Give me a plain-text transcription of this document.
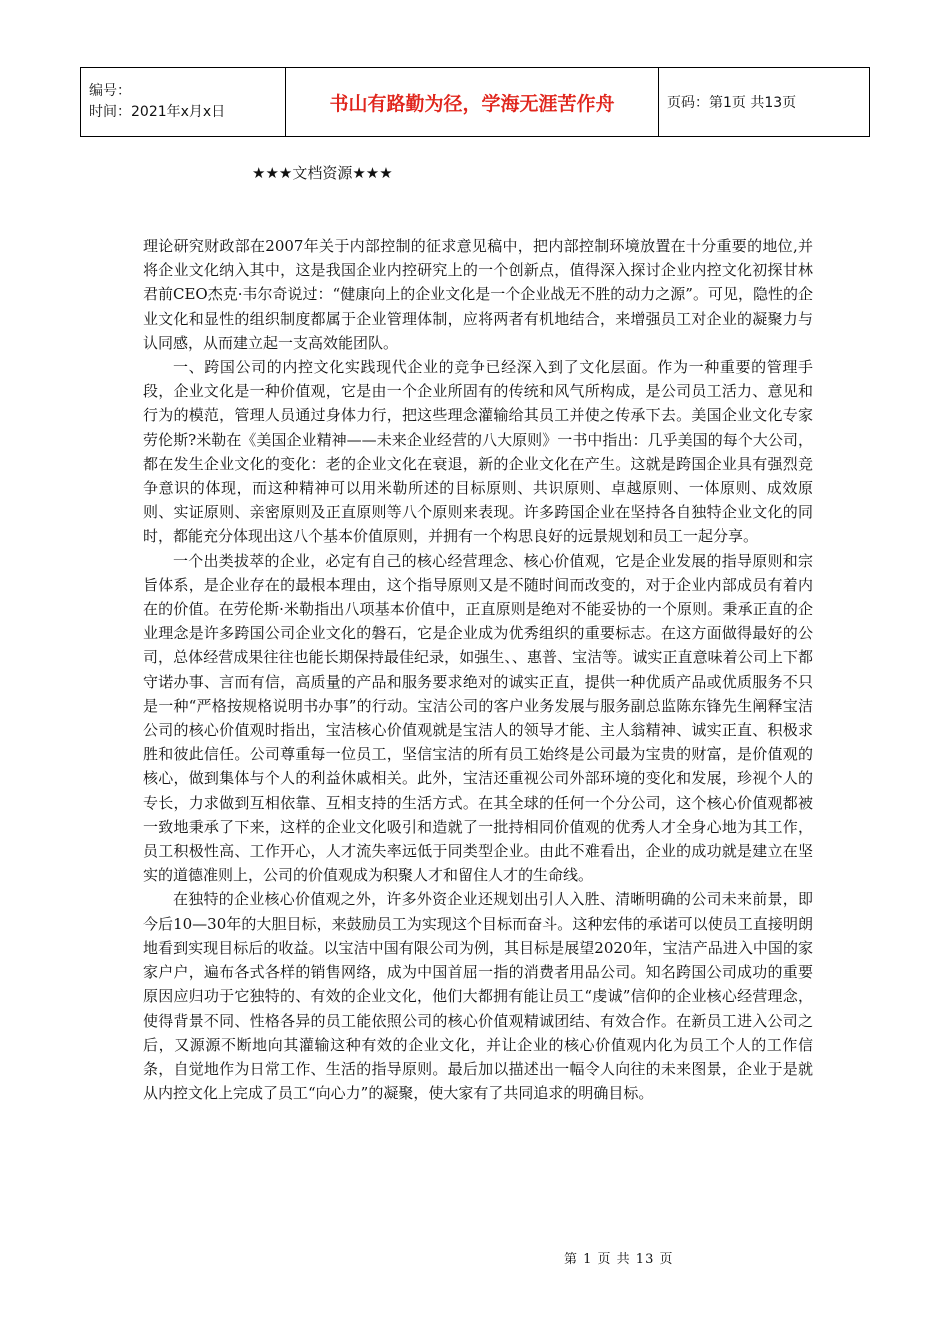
编号：
时间：2021年x月x日	书山有路勤为径，学海无涯苦作舟	页码：第1页 共13页
★★★文档资源★★★

理论研究财政部在2007年关于内部控制的征求意见稿中，把内部控制环境放置在十分重要的地位,并将企业文化纳入其中，这是我国企业内控研究上的一个创新点，值得深入探讨企业内控文化初探甘林君前CEO杰克·韦尔奇说过：“健康向上的企业文化是一个企业战无不胜的动力之源”。可见，隐性的企业文化和显性的组织制度都属于企业管理体制，应将两者有机地结合，来增强员工对企业的凝聚力与认同感，从而建立起一支高效能团队。

一、跨国公司的内控文化实践现代企业的竞争已经深入到了文化层面。作为一种重要的管理手段，企业文化是一种价值观，它是由一个企业所固有的传统和风气所构成，是公司员工活力、意见和行为的模范，管理人员通过身体力行，把这些理念灌输给其员工并使之传承下去。美国企业文化专家劳伦斯?米勒在《美国企业精神——未来企业经营的八大原则》一书中指出：几乎美国的每个大公司，都在发生企业文化的变化：老的企业文化在衰退，新的企业文化在产生。这就是跨国企业具有强烈竞争意识的体现，而这种精神可以用米勒所述的目标原则、共识原则、卓越原则、一体原则、成效原则、实证原则、亲密原则及正直原则等八个原则来表现。许多跨国企业在坚持各自独特企业文化的同时，都能充分体现出这八个基本价值原则，并拥有一个构思良好的远景规划和员工一起分享。

一个出类拔萃的企业，必定有自己的核心经营理念、核心价值观，它是企业发展的指导原则和宗旨体系，是企业存在的最根本理由，这个指导原则又是不随时间而改变的，对于企业内部成员有着内在的价值。在劳伦斯·米勒指出八项基本价值中，正直原则是绝对不能妥协的一个原则。秉承正直的企业理念是许多跨国公司企业文化的磐石，它是企业成为优秀组织的重要标志。在这方面做得最好的公司，总体经营成果往往也能长期保持最佳纪录，如强生、、惠普、宝洁等。诚实正直意味着公司上下都守诺办事、言而有信，高质量的产品和服务要求绝对的诚实正直，提供一种优质产品或优质服务不只是一种“严格按规格说明书办事”的行动。宝洁公司的客户业务发展与服务副总监陈东锋先生阐释宝洁公司的核心价值观时指出，宝洁核心价值观就是宝洁人的领导才能、主人翁精神、诚实正直、积极求胜和彼此信任。公司尊重每一位员工，坚信宝洁的所有员工始终是公司最为宝贵的财富，是价值观的核心，做到集体与个人的利益休戚相关。此外，宝洁还重视公司外部环境的变化和发展，珍视个人的专长，力求做到互相依靠、互相支持的生活方式。在其全球的任何一个分公司，这个核心价值观都被一致地秉承了下来，这样的企业文化吸引和造就了一批持相同价值观的优秀人才全身心地为其工作，员工积极性高、工作开心，人才流失率远低于同类型企业。由此不难看出，企业的成功就是建立在坚实的道德准则上，公司的价值观成为积聚人才和留住人才的生命线。

在独特的企业核心价值观之外，许多外资企业还规划出引人入胜、清晰明确的公司未来前景，即今后10—30年的大胆目标，来鼓励员工为实现这个目标而奋斗。这种宏伟的承诺可以使员工直接明朗地看到实现目标后的收益。以宝洁中国有限公司为例，其目标是展望2020年，宝洁产品进入中国的家家户户，遍布各式各样的销售网络，成为中国首屈一指的消费者用品公司。知名跨国公司成功的重要原因应归功于它独特的、有效的企业文化，他们大都拥有能让员工“虔诚”信仰的企业核心经营理念，使得背景不同、性格各异的员工能依照公司的核心价值观精诚团结、有效合作。在新员工进入公司之后，又源源不断地向其灌输这种有效的企业文化，并让企业的核心价值观内化为员工个人的工作信条，自觉地作为日常工作、生活的指导原则。最后加以描述出一幅令人向往的未来图景，企业于是就从内控文化上完成了员工“向心力”的凝聚，使大家有了共同追求的明确目标。

第 1 页 共 13 页
